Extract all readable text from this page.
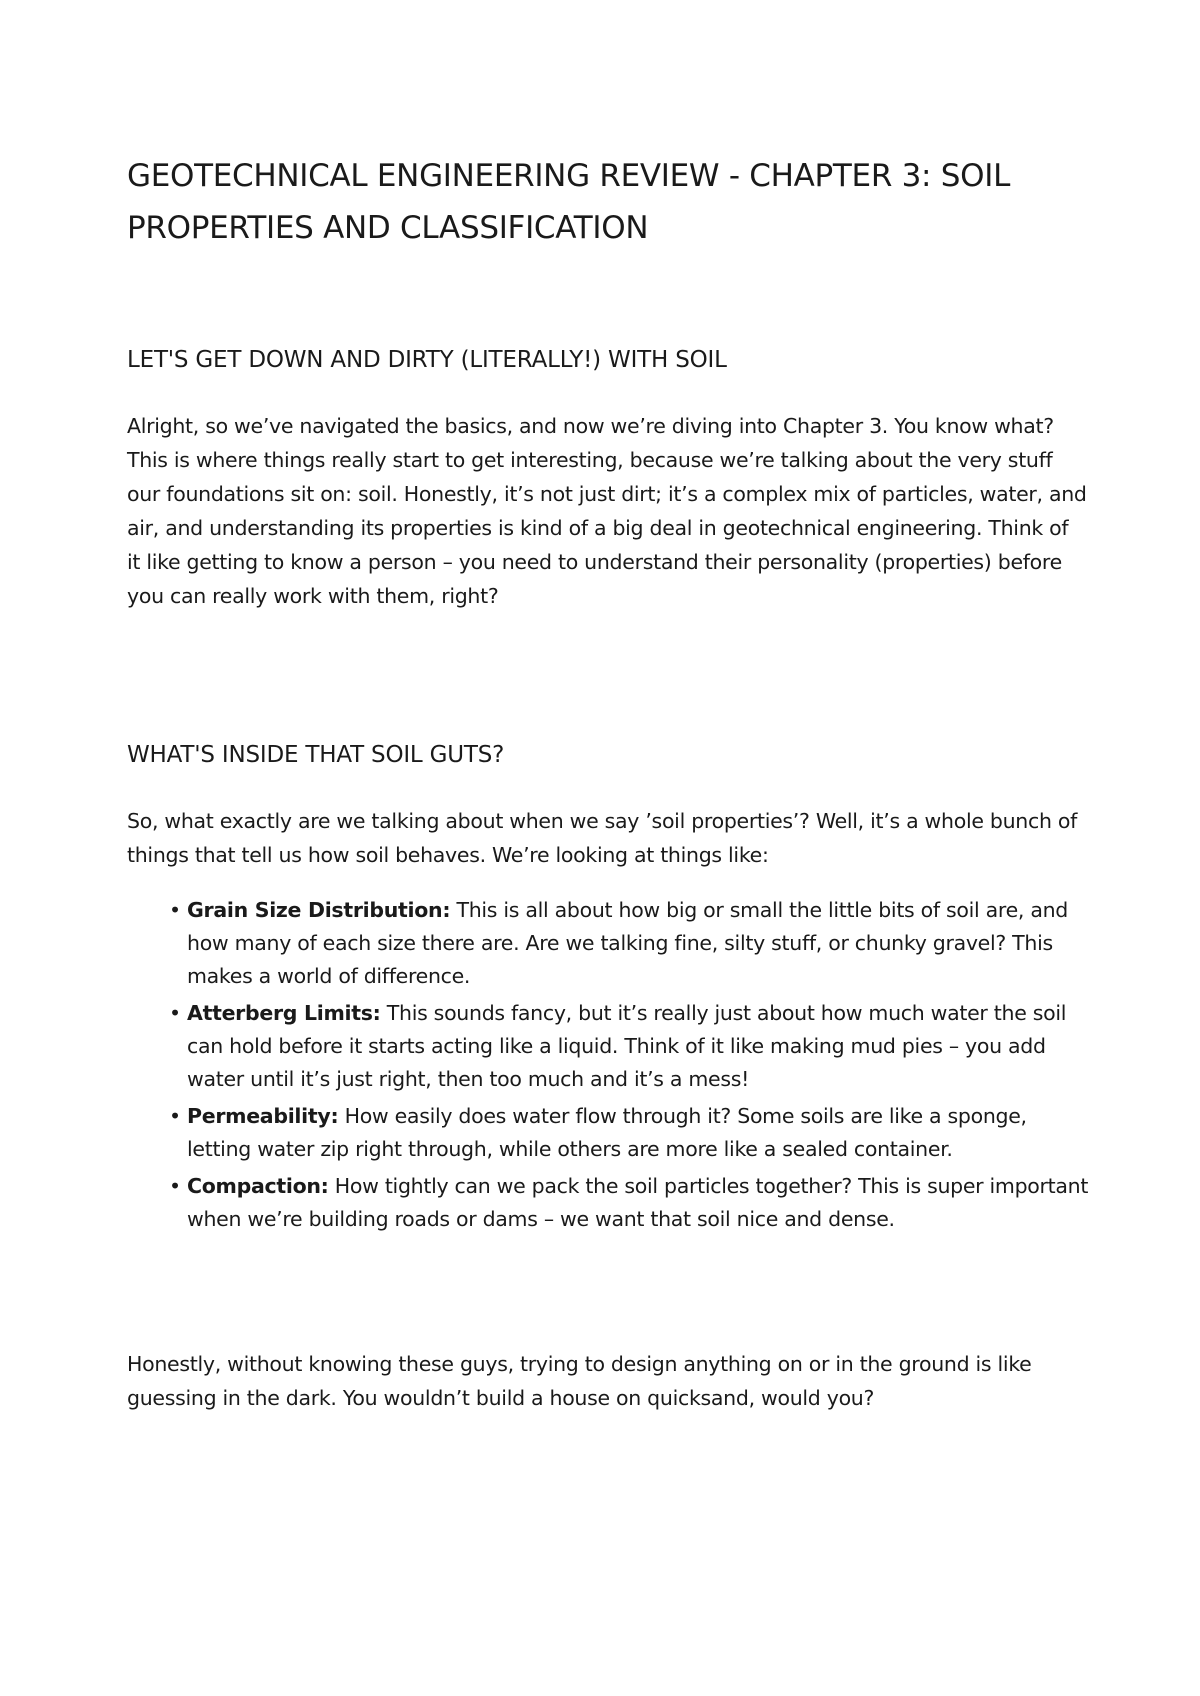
GEOTECHNICAL ENGINEERING REVIEW - CHAPTER 3: SOIL PROPERTIES AND CLASSIFICATION
LET'S GET DOWN AND DIRTY (LITERALLY!) WITH SOIL

Alright, so we’ve navigated the basics, and now we’re diving into Chapter 3. You know what? This is where things really start to get interesting, because we’re talking about the very stuff our foundations sit on: soil. Honestly, it’s not just dirt; it’s a complex mix of particles, water, and air, and understanding its properties is kind of a big deal in geotechnical engineering. Think of it like getting to know a person – you need to understand their personality (properties) before you can really work with them, right?

WHAT'S INSIDE THAT SOIL GUTS?

So, what exactly are we talking about when we say ’soil properties’? Well, it’s a whole bunch of things that tell us how soil behaves. We’re looking at things like:

• Grain Size Distribution: This is all about how big or small the little bits of soil are, and how many of each size there are. Are we talking fine, silty stuff, or chunky gravel? This makes a world of difference.
• Atterberg Limits: This sounds fancy, but it’s really just about how much water the soil can hold before it starts acting like a liquid. Think of it like making mud pies – you add water until it’s just right, then too much and it’s a mess!
• Permeability: How easily does water flow through it? Some soils are like a sponge, letting water zip right through, while others are more like a sealed container.
• Compaction: How tightly can we pack the soil particles together? This is super important when we’re building roads or dams – we want that soil nice and dense.

Honestly, without knowing these guys, trying to design anything on or in the ground is like guessing in the dark. You wouldn’t build a house on quicksand, would you?
